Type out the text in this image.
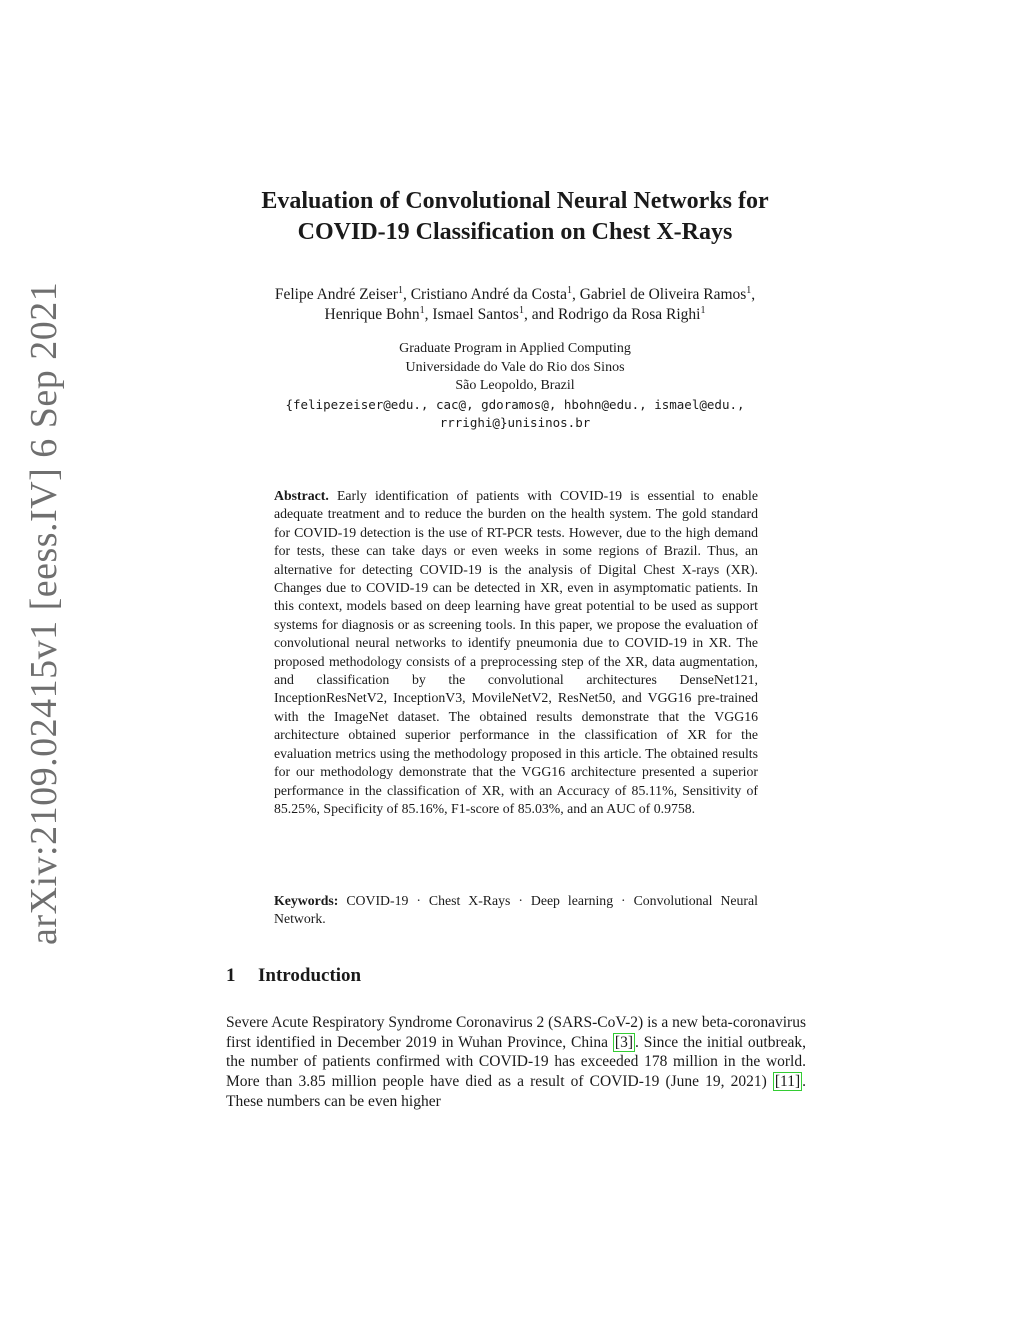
arXiv:2109.02415v1 [eess.IV] 6 Sep 2021
Evaluation of Convolutional Neural Networks for
COVID-19 Classification on Chest X-Rays
Felipe André Zeiser$^1$, Cristiano André da Costa$^1$, Gabriel de Oliveira Ramos$^1$,
Henrique Bohn$^1$, Ismael Santos$^1$, and Rodrigo da Rosa Righi$^1$
Graduate Program in Applied Computing
Universidade do Vale do Rio dos Sinos
São Leopoldo, Brazil
{felipezeiser@edu., cac@, gdoramos@, hbohn@edu., ismael@edu.,
rrrighi@}unisinos.br
Abstract. Early identification of patients with COVID-19 is essential to enable adequate treatment and to reduce the burden on the health system. The gold standard for COVID-19 detection is the use of RT-PCR tests. However, due to the high demand for tests, these can take days or even weeks in some regions of Brazil. Thus, an alternative for detecting COVID-19 is the analysis of Digital Chest X-rays (XR). Changes due to COVID-19 can be detected in XR, even in asymptomatic patients. In this context, models based on deep learning have great potential to be used as support systems for diagnosis or as screening tools. In this paper, we propose the evaluation of convolutional neural networks to identify pneumonia due to COVID-19 in XR. The proposed methodology consists of a preprocessing step of the XR, data augmentation, and classification by the convolutional architectures DenseNet121, InceptionResNetV2, InceptionV3, MovileNetV2, ResNet50, and VGG16 pre-trained with the ImageNet dataset. The obtained results demonstrate that the VGG16 architecture obtained superior performance in the classification of XR for the evaluation metrics using the methodology proposed in this article. The obtained results for our methodology demonstrate that the VGG16 architecture presented a superior performance in the classification of XR, with an Accuracy of 85.11%, Sensitivity of 85.25%, Specificity of 85.16%, F1-score of 85.03%, and an AUC of 0.9758.
Keywords: COVID-19 · Chest X-Rays · Deep learning · Convolutional Neural Network.
1 Introduction
Severe Acute Respiratory Syndrome Coronavirus 2 (SARS-CoV-2) is a new beta-coronavirus first identified in December 2019 in Wuhan Province, China [3] . Since the initial outbreak, the number of patients confirmed with COVID-19 has exceeded 178 million in the world. More than 3.85 million people have died as a result of COVID-19 (June 19, 2021) [11] . These numbers can be even higher
